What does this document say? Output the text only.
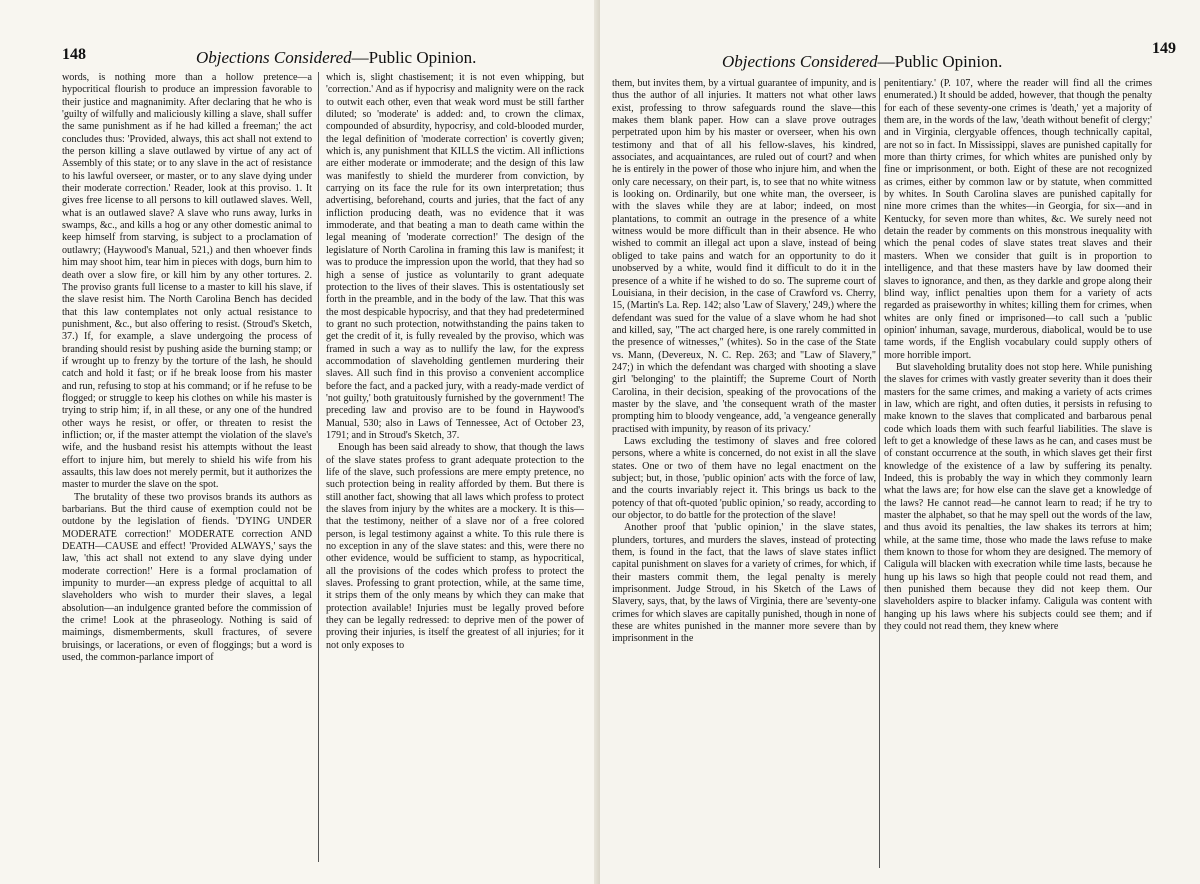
148	Objections Considered—Public Opinion.

words, is nothing more than a hollow pretence—a hypocritical flourish to produce an impression favorable to their justice and magnanimity. After declaring that he who is 'guilty of wilfully and maliciously killing a slave, shall suffer the same punishment as if he had killed a freeman;' the act concludes thus: 'Provided, always, this act shall not extend to the person killing a slave outlawed by virtue of any act of Assembly of this state; or to any slave in the act of resistance to his lawful overseer, or master, or to any slave dying under their moderate correction.' Reader, look at this proviso. 1. It gives free license to all persons to kill outlawed slaves. Well, what is an outlawed slave? A slave who runs away, lurks in swamps, &c., and kills a hog or any other domestic animal to keep himself from starving, is subject to a proclamation of outlawry; (Haywood's Manual, 521,) and then whoever finds him may shoot him, tear him in pieces with dogs, burn him to death over a slow fire, or kill him by any other tortures. 2. The proviso grants full license to a master to kill his slave, if the slave resist him. The North Carolina Bench has decided that this law contemplates not only actual resistance to punishment, &c., but also offering to resist. (Stroud's Sketch, 37.) If, for example, a slave undergoing the process of branding should resist by pushing aside the burning stamp; or if wrought up to frenzy by the torture of the lash, he should catch and hold it fast; or if he break loose from his master and run, refusing to stop at his command; or if he refuse to be flogged; or struggle to keep his clothes on while his master is trying to strip him; if, in all these, or any one of the hundred other ways he resist, or offer, or threaten to resist the infliction; or, if the master attempt the violation of the slave's wife, and the husband resist his attempts without the least effort to injure him, but merely to shield his wife from his assaults, this law does not merely permit, but it authorizes the master to murder the slave on the spot.

The brutality of these two provisos brands its authors as barbarians. But the third cause of exemption could not be outdone by the legislation of fiends. 'DYING UNDER MODERATE correction!' MODERATE correction AND DEATH—CAUSE and effect! 'Provided ALWAYS,' says the law, 'this act shall not extend to any slave dying under moderate correction!' Here is a formal proclamation of impunity to murder—an express pledge of acquittal to all slaveholders who wish to murder their slaves, a legal absolution—an indulgence granted before the commission of the crime! Look at the phraseology. Nothing is said of maimings, dismemberments, skull fractures, of severe bruisings, or lacerations, or even of floggings; but a word is used, the common-parlance import of

which is, slight chastisement; it is not even whipping, but 'correction.' And as if hypocrisy and malignity were on the rack to outwit each other, even that weak word must be still farther diluted; so 'moderate' is added: and, to crown the climax, compounded of absurdity, hypocrisy, and cold-blooded murder, the legal definition of 'moderate correction' is covertly given; which is, any punishment that KILLS the victim. All inflictions are either moderate or immoderate; and the design of this law was manifestly to shield the murderer from conviction, by carrying on its face the rule for its own interpretation; thus advertising, beforehand, courts and juries, that the fact of any infliction producing death, was no evidence that it was immoderate, and that beating a man to death came within the legal meaning of 'moderate correction!' The design of the legislature of North Carolina in framing this law is manifest; it was to produce the impression upon the world, that they had so high a sense of justice as voluntarily to grant adequate protection to the lives of their slaves. This is ostentatiously set forth in the preamble, and in the body of the law. That this was the most despicable hypocrisy, and that they had predetermined to grant no such protection, notwithstanding the pains taken to get the credit of it, is fully revealed by the proviso, which was framed in such a way as to nullify the law, for the express accommodation of slaveholding gentlemen murdering their slaves. All such find in this proviso a convenient accomplice before the fact, and a packed jury, with a ready-made verdict of 'not guilty,' both gratuitously furnished by the government! The preceding law and proviso are to be found in Haywood's Manual, 530; also in Laws of Tennessee, Act of October 23, 1791; and in Stroud's Sketch, 37.

Enough has been said already to show, that though the laws of the slave states profess to grant adequate protection to the life of the slave, such professions are mere empty pretence, no such protection being in reality afforded by them. But there is still another fact, showing that all laws which profess to protect the slaves from injury by the whites are a mockery. It is this—that the testimony, neither of a slave nor of a free colored person, is legal testimony against a white. To this rule there is no exception in any of the slave states: and this, were there no other evidence, would be sufficient to stamp, as hypocritical, all the provisions of the codes which profess to protect the slaves. Professing to grant protection, while, at the same time, it strips them of the only means by which they can make that protection available! Injuries must be legally proved before they can be legally redressed: to deprive men of the power of proving their injuries, is itself the greatest of all injuries; for it not only exposes to

Objections Considered—Public Opinion.
149

them, but invites them, by a virtual guarantee of impunity, and is thus the author of all injuries. It matters not what other laws exist, professing to throw safeguards round the slave—this makes them blank paper. How can a slave prove outrages perpetrated upon him by his master or overseer, when his own testimony and that of all his fellow-slaves, his kindred, associates, and acquaintances, are ruled out of court? and when he is entirely in the power of those who injure him, and when the only care necessary, on their part, is, to see that no white witness is looking on. Ordinarily, but one white man, the overseer, is with the slaves while they are at labor; indeed, on most plantations, to commit an outrage in the presence of a white witness would be more difficult than in their absence. He who wished to commit an illegal act upon a slave, instead of being obliged to take pains and watch for an opportunity to do it unobserved by a white, would find it difficult to do it in the presence of a white if he wished to do so. The supreme court of Louisiana, in their decision, in the case of Crawford vs. Cherry, 15, (Martin's La. Rep. 142; also 'Law of Slavery,' 249,) where the defendant was sued for the value of a slave whom he had shot and killed, say, "The act charged here, is one rarely committed in the presence of witnesses," (whites). So in the case of the State vs. Mann, (Devereux, N. C. Rep. 263; and "Law of Slavery," 247;) in which the defendant was charged with shooting a slave girl 'belonging' to the plaintiff; the Supreme Court of North Carolina, in their decision, speaking of the provocations of the master by the slave, and 'the consequent wrath of the master prompting him to bloody vengeance, add, 'a vengeance generally practised with impunity, by reason of its privacy.'

Laws excluding the testimony of slaves and free colored persons, where a white is concerned, do not exist in all the slave states. One or two of them have no legal enactment on the subject; but, in those, 'public opinion' acts with the force of law, and the courts invariably reject it. This brings us back to the potency of that oft-quoted 'public opinion,' so ready, according to our objector, to do battle for the protection of the slave!

Another proof that 'public opinion,' in the slave states, plunders, tortures, and murders the slaves, instead of protecting them, is found in the fact, that the laws of slave states inflict capital punishment on slaves for a variety of crimes, for which, if their masters commit them, the legal penalty is merely imprisonment. Judge Stroud, in his Sketch of the Laws of Slavery, says, that, by the laws of Virginia, there are 'seventy-one crimes for which slaves are capitally punished, though in none of these are whites punished in the manner more severe than by imprisonment in the

penitentiary.' (P. 107, where the reader will find all the crimes enumerated.) It should be added, however, that though the penalty for each of these seventy-one crimes is 'death,' yet a majority of them are, in the words of the law, 'death without benefit of clergy;' and in Virginia, clergyable offences, though technically capital, are not so in fact. In Mississippi, slaves are punished capitally for more than thirty crimes, for which whites are punished only by fine or imprisonment, or both. Eight of these are not recognized as crimes, either by common law or by statute, when committed by whites. In South Carolina slaves are punished capitally for nine more crimes than the whites—in Georgia, for six—and in Kentucky, for seven more than whites, &c. We surely need not detain the reader by comments on this monstrous inequality with which the penal codes of slave states treat slaves and their masters. When we consider that guilt is in proportion to intelligence, and that these masters have by law doomed their slaves to ignorance, and then, as they darkle and grope along their blind way, inflict penalties upon them for a variety of acts regarded as praiseworthy in whites; killing them for crimes, when whites are only fined or imprisoned—to call such a 'public opinion' inhuman, savage, murderous, diabolical, would be to use tame words, if the English vocabulary could supply others of more horrible import.

But slaveholding brutality does not stop here. While punishing the slaves for crimes with vastly greater severity than it does their masters for the same crimes, and making a variety of acts crimes in law, which are right, and often duties, it persists in refusing to make known to the slaves that complicated and barbarous penal code which loads them with such fearful liabilities. The slave is left to get a knowledge of these laws as he can, and cases must be of constant occurrence at the south, in which slaves get their first knowledge of the existence of a law by suffering its penalty. Indeed, this is probably the way in which they commonly learn what the laws are; for how else can the slave get a knowledge of the laws? He cannot read—he cannot learn to read; if he try to master the alphabet, so that he may spell out the words of the law, and thus avoid its penalties, the law shakes its terrors at him; while, at the same time, those who made the laws refuse to make them known to those for whom they are designed. The memory of Caligula will blacken with execration while time lasts, because he hung up his laws so high that people could not read them, and then punished them because they did not keep them. Our slaveholders aspire to blacker infamy. Caligula was content with hanging up his laws where his subjects could see them; and if they could not read them, they knew where
